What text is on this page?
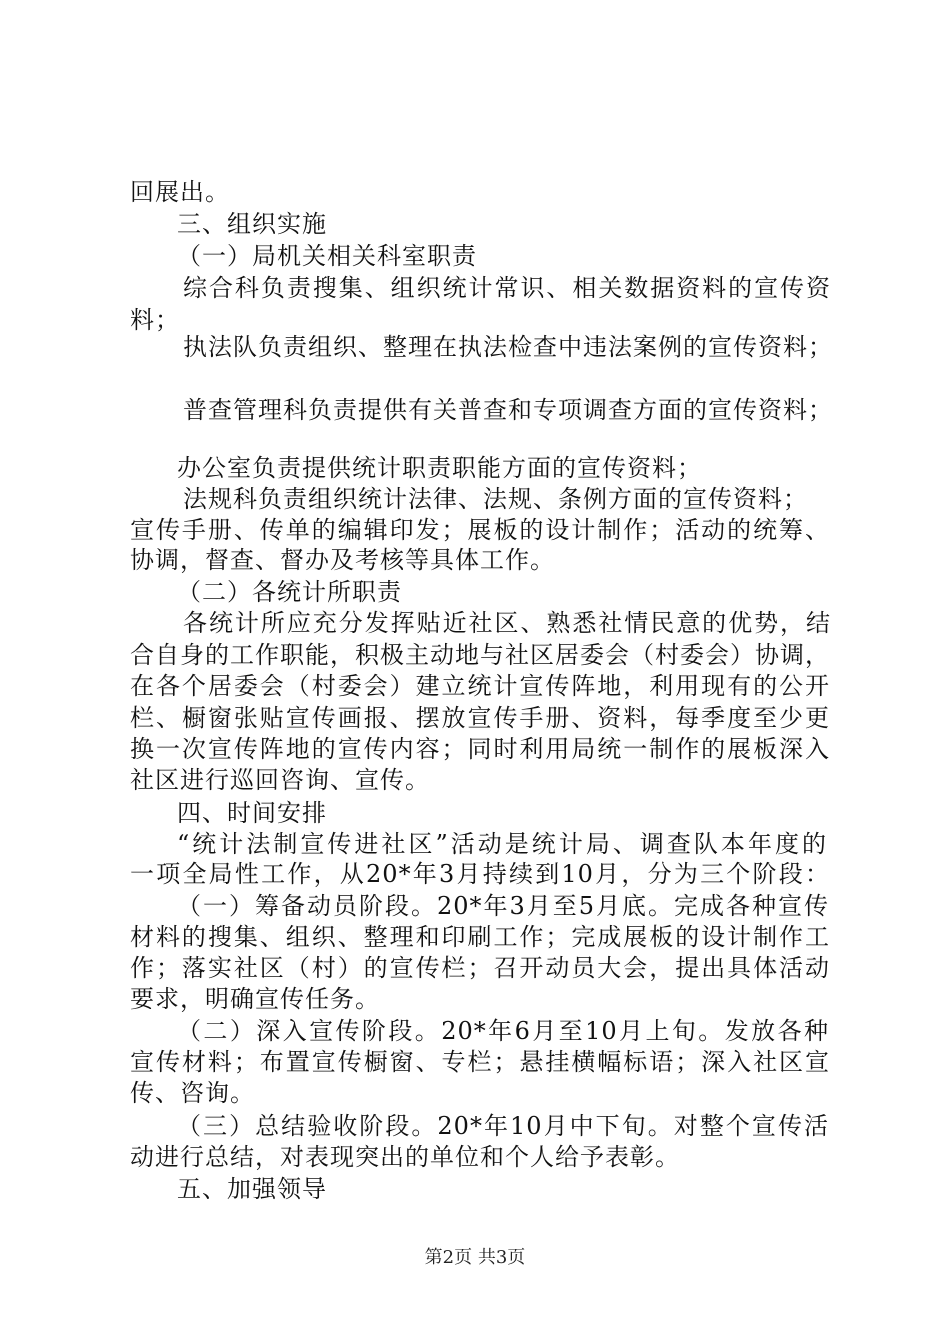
回展出。
三、组织实施
（一）局机关相关科室职责
综合科负责搜集、组织统计常识、相关数据资料的宣传资
料；
执法队负责组织、整理在执法检查中违法案例的宣传资料；
普查管理科负责提供有关普查和专项调查方面的宣传资料；
办公室负责提供统计职责职能方面的宣传资料；
法规科负责组织统计法律、法规、条例方面的宣传资料；
宣传手册、传单的编辑印发；展板的设计制作；活动的统筹、
协调，督查、督办及考核等具体工作。
（二）各统计所职责
各统计所应充分发挥贴近社区、熟悉社情民意的优势，结
合自身的工作职能，积极主动地与社区居委会（村委会）协调，
在各个居委会（村委会）建立统计宣传阵地，利用现有的公开
栏、橱窗张贴宣传画报、摆放宣传手册、资料，每季度至少更
换一次宣传阵地的宣传内容；同时利用局统一制作的展板深入
社区进行巡回咨询、宣传。
四、时间安排
“统计法制宣传进社区”活动是统计局、调查队本年度的
一项全局性工作，从20*年3月持续到10月，分为三个阶段：
（一）筹备动员阶段。20*年3月至5月底。完成各种宣传
材料的搜集、组织、整理和印刷工作；完成展板的设计制作工
作；落实社区（村）的宣传栏；召开动员大会，提出具体活动
要求，明确宣传任务。
（二）深入宣传阶段。20*年6月至10月上旬。发放各种
宣传材料；布置宣传橱窗、专栏；悬挂横幅标语；深入社区宣
传、咨询。
（三）总结验收阶段。20*年10月中下旬。对整个宣传活
动进行总结，对表现突出的单位和个人给予表彰。
五、加强领导
第2页 共3页
